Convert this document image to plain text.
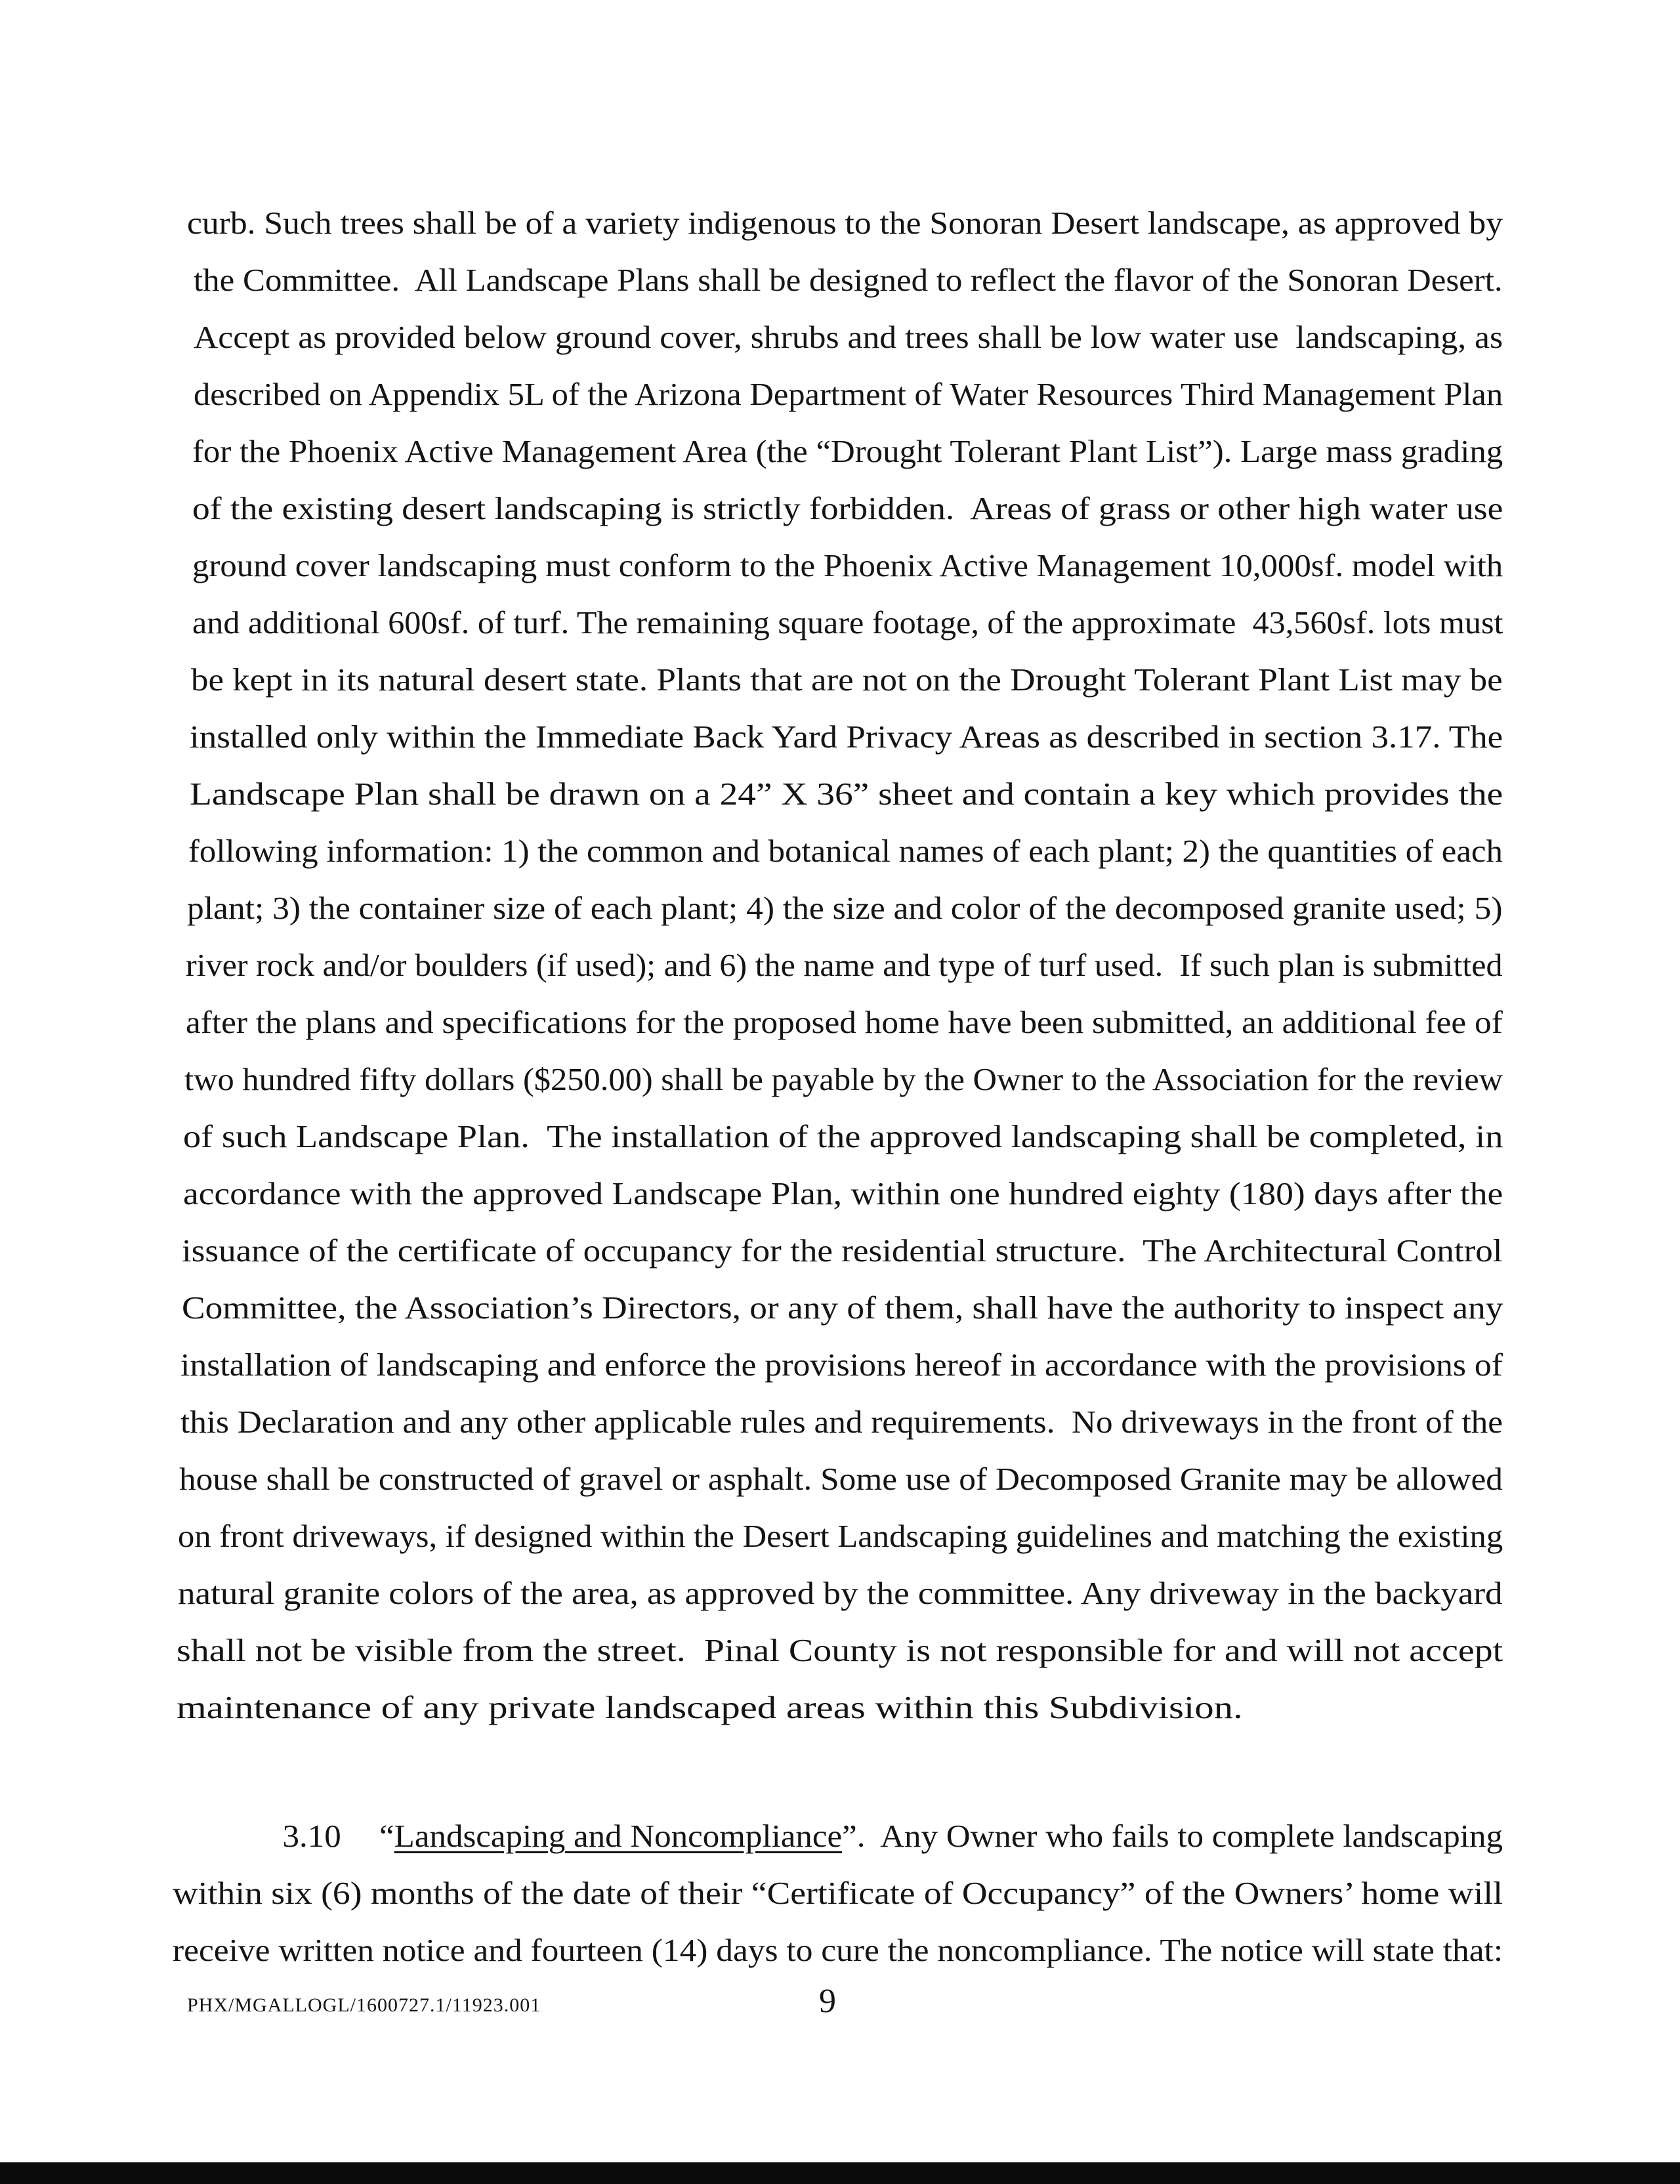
curb. Such trees shall be of a variety indigenous to the Sonoran Desert landscape, as approved by
the Committee.  All Landscape Plans shall be designed to reflect the flavor of the Sonoran Desert.
Accept as provided below ground cover, shrubs and trees shall be low water use  landscaping, as
described on Appendix 5L of the Arizona Department of Water Resources Third Management Plan
for the Phoenix Active Management Area (the “Drought Tolerant Plant List”). Large mass grading
of the existing desert landscaping is strictly forbidden.  Areas of grass or other high water use
ground cover landscaping must conform to the Phoenix Active Management 10,000sf. model with
and additional 600sf. of turf. The remaining square footage, of the approximate  43,560sf. lots must
be kept in its natural desert state. Plants that are not on the Drought Tolerant Plant List may be
installed only within the Immediate Back Yard Privacy Areas as described in section 3.17. The
Landscape Plan shall be drawn on a 24” X 36” sheet and contain a key which provides the
following information: 1) the common and botanical names of each plant; 2) the quantities of each
plant; 3) the container size of each plant; 4) the size and color of the decomposed granite used; 5)
river rock and/or boulders (if used); and 6) the name and type of turf used.  If such plan is submitted
after the plans and specifications for the proposed home have been submitted, an additional fee of
two hundred fifty dollars ($250.00) shall be payable by the Owner to the Association for the review
of such Landscape Plan.  The installation of the approved landscaping shall be completed, in
accordance with the approved Landscape Plan, within one hundred eighty (180) days after the
issuance of the certificate of occupancy for the residential structure.  The Architectural Control
Committee, the Association’s Directors, or any of them, shall have the authority to inspect any
installation of landscaping and enforce the provisions hereof in accordance with the provisions of
this Declaration and any other applicable rules and requirements.  No driveways in the front of the
house shall be constructed of gravel or asphalt. Some use of Decomposed Granite may be allowed
on front driveways, if designed within the Desert Landscaping guidelines and matching the existing
natural granite colors of the area, as approved by the committee. Any driveway in the backyard
shall not be visible from the street.  Pinal County is not responsible for and will not accept
maintenance of any private landscaped areas within this Subdivision.
3.10 “Landscaping and Noncompliance”.  Any Owner who fails to complete landscaping
within six (6) months of the date of their “Certificate of Occupancy” of the Owners’ home will
receive written notice and fourteen (14) days to cure the noncompliance. The notice will state that:
PHX/MGALLOGL/1600727.1/11923.001	9
